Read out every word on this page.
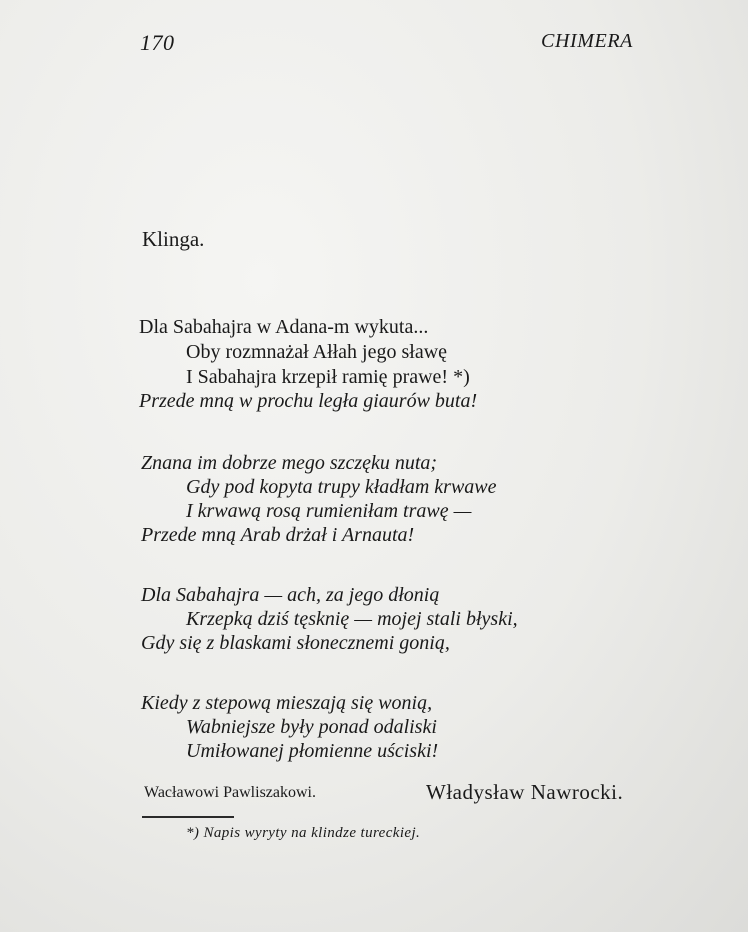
170	CHIMERA
Klinga.
Dla Sabahajra w Adana-m wykuta...
Oby rozmnażał Ałłah jego sławę
I Sabahajra krzepił ramię prawe! *)
Przede mną w prochu legła giaurów buta!
Znana im dobrze mego szczęku nuta;
Gdy pod kopyta trupy kładłam krwawe
I krwawą rosą rumieniłam trawę —
Przede mną Arab drżał i Arnauta!
Dla Sabahajra — ach, za jego dłonią
Krzepką dziś tęsknię — mojej stali błyski,
Gdy się z blaskami słonecznemi gonią,
Kiedy z stepową mieszają się wonią,
Wabniejsze były ponad odaliski
Umiłowanej płomienne uściski!
Wacławowi Pawliszakowi.	Władysław Nawrocki.
*) Napis wyryty na klindze tureckiej.
